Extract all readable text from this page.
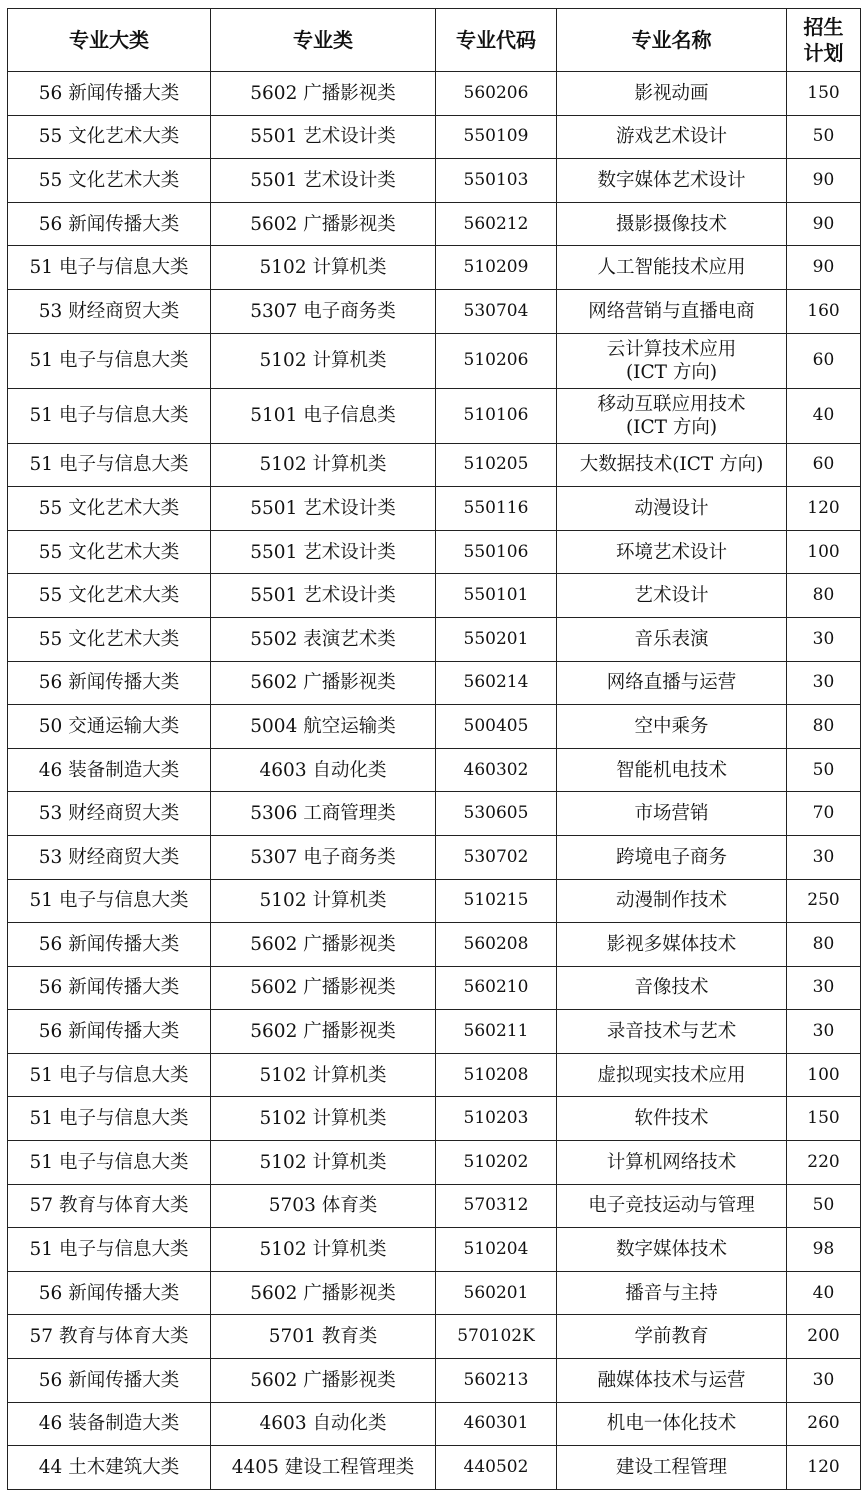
专业大类	专业类	专业代码	专业名称	招生
计划

56 新闻传播大类	5602 广播影视类	560206	影视动画	150
55 文化艺术大类	5501 艺术设计类	550109	游戏艺术设计	50
55 文化艺术大类	5501 艺术设计类	550103	数字媒体艺术设计	90
56 新闻传播大类	5602 广播影视类	560212	摄影摄像技术	90
51 电子与信息大类	5102 计算机类	510209	人工智能技术应用	90
53 财经商贸大类	5307 电子商务类	530704	网络营销与直播电商	160
51 电子与信息大类	5102 计算机类	510206	云计算技术应用
(ICT 方向)	60
51 电子与信息大类	5101 电子信息类	510106	移动互联应用技术
(ICT 方向)	40
51 电子与信息大类	5102 计算机类	510205	大数据技术(ICT 方向)	60
55 文化艺术大类	5501 艺术设计类	550116	动漫设计	120
55 文化艺术大类	5501 艺术设计类	550106	环境艺术设计	100
55 文化艺术大类	5501 艺术设计类	550101	艺术设计	80
55 文化艺术大类	5502 表演艺术类	550201	音乐表演	30
56 新闻传播大类	5602 广播影视类	560214	网络直播与运营	30
50 交通运输大类	5004 航空运输类	500405	空中乘务	80
46 装备制造大类	4603 自动化类	460302	智能机电技术	50
53 财经商贸大类	5306 工商管理类	530605	市场营销	70
53 财经商贸大类	5307 电子商务类	530702	跨境电子商务	30
51 电子与信息大类	5102 计算机类	510215	动漫制作技术	250
56 新闻传播大类	5602 广播影视类	560208	影视多媒体技术	80
56 新闻传播大类	5602 广播影视类	560210	音像技术	30
56 新闻传播大类	5602 广播影视类	560211	录音技术与艺术	30
51 电子与信息大类	5102 计算机类	510208	虚拟现实技术应用	100
51 电子与信息大类	5102 计算机类	510203	软件技术	150
51 电子与信息大类	5102 计算机类	510202	计算机网络技术	220
57 教育与体育大类	5703 体育类	570312	电子竞技运动与管理	50
51 电子与信息大类	5102 计算机类	510204	数字媒体技术	98
56 新闻传播大类	5602 广播影视类	560201	播音与主持	40
57 教育与体育大类	5701 教育类	570102K	学前教育	200
56 新闻传播大类	5602 广播影视类	560213	融媒体技术与运营	30
46 装备制造大类	4603 自动化类	460301	机电一体化技术	260
44 土木建筑大类	4405 建设工程管理类	440502	建设工程管理	120
